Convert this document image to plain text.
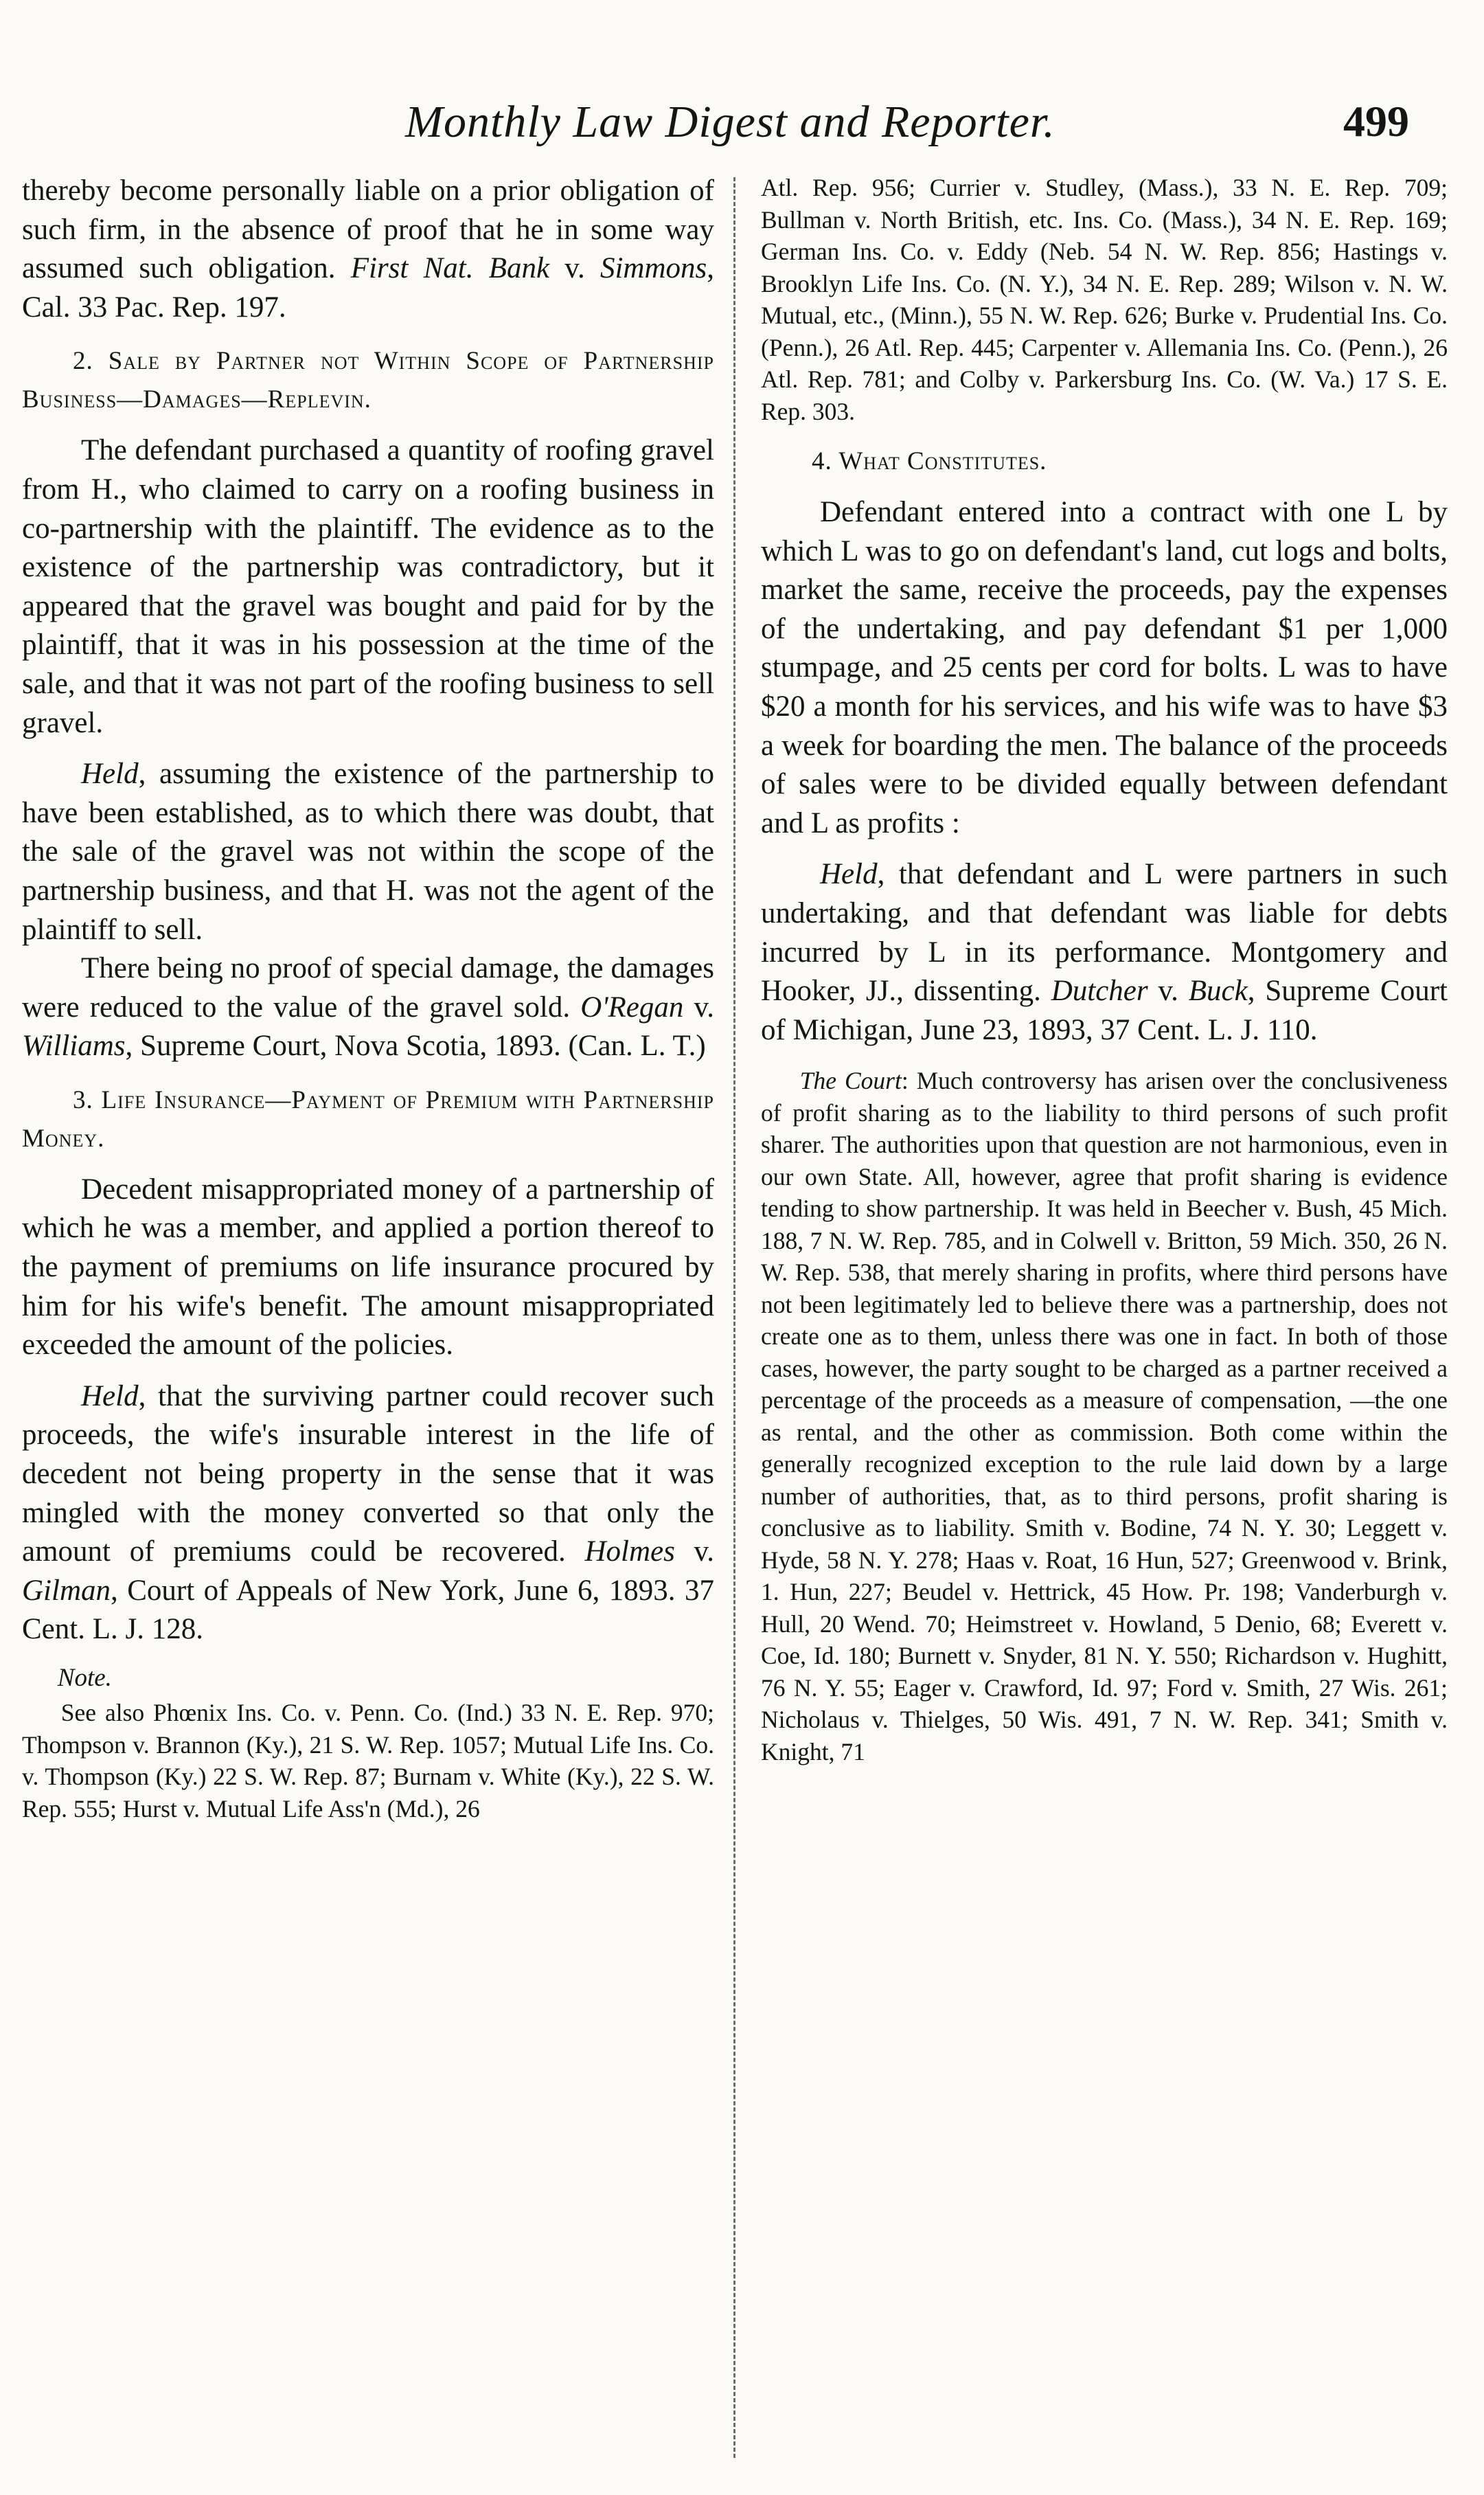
Monthly Law Digest and Reporter.	499

thereby become personally liable on a prior obligation of such firm, in the absence of proof that he in some way assumed such obligation. First Nat. Bank v. Simmons, Cal. 33 Pac. Rep. 197.

2. Sale by Partner not Within Scope of Partnership Business—Damages—Replevin.

The defendant purchased a quantity of roofing gravel from H., who claimed to carry on a roofing business in co-partnership with the plaintiff. The evidence as to the existence of the partnership was contradictory, but it appeared that the gravel was bought and paid for by the plaintiff, that it was in his possession at the time of the sale, and that it was not part of the roofing business to sell gravel.

Held, assuming the existence of the partnership to have been established, as to which there was doubt, that the sale of the gravel was not within the scope of the partnership business, and that H. was not the agent of the plaintiff to sell.

There being no proof of special damage, the damages were reduced to the value of the gravel sold. O'Regan v. Williams, Supreme Court, Nova Scotia, 1893. (Can. L. T.)

3. Life Insurance—Payment of Premium with Partnership Money.

Decedent misappropriated money of a partnership of which he was a member, and applied a portion thereof to the payment of premiums on life insurance procured by him for his wife's benefit. The amount misappropriated exceeded the amount of the policies.

Held, that the surviving partner could recover such proceeds, the wife's insurable interest in the life of decedent not being property in the sense that it was mingled with the money converted so that only the amount of premiums could be recovered. Holmes v. Gilman, Court of Appeals of New York, June 6, 1893. 37 Cent. L. J. 128.

Note.

See also Phœnix Ins. Co. v. Penn. Co. (Ind.) 33 N. E. Rep. 970; Thompson v. Brannon (Ky.), 21 S. W. Rep. 1057; Mutual Life Ins. Co. v. Thompson (Ky.) 22 S. W. Rep. 87; Burnam v. White (Ky.), 22 S. W. Rep. 555; Hurst v. Mutual Life Ass'n (Md.), 26

Atl. Rep. 956; Currier v. Studley, (Mass.), 33 N. E. Rep. 709; Bullman v. North British, etc. Ins. Co. (Mass.), 34 N. E. Rep. 169; German Ins. Co. v. Eddy (Neb. 54 N. W. Rep. 856; Hastings v. Brooklyn Life Ins. Co. (N. Y.), 34 N. E. Rep. 289; Wilson v. N. W. Mutual, etc., (Minn.), 55 N. W. Rep. 626; Burke v. Prudential Ins. Co. (Penn.), 26 Atl. Rep. 445; Carpenter v. Allemania Ins. Co. (Penn.), 26 Atl. Rep. 781; and Colby v. Parkersburg Ins. Co. (W. Va.) 17 S. E. Rep. 303.

4. What Constitutes.

Defendant entered into a contract with one L by which L was to go on defendant's land, cut logs and bolts, market the same, receive the proceeds, pay the expenses of the undertaking, and pay defendant $1 per 1,000 stumpage, and 25 cents per cord for bolts. L was to have $20 a month for his services, and his wife was to have $3 a week for boarding the men. The balance of the proceeds of sales were to be divided equally between defendant and L as profits :

Held, that defendant and L were partners in such undertaking, and that defendant was liable for debts incurred by L in its performance. Montgomery and Hooker, JJ., dissenting. Dutcher v. Buck, Supreme Court of Michigan, June 23, 1893, 37 Cent. L. J. 110.

The Court: Much controversy has arisen over the conclusiveness of profit sharing as to the liability to third persons of such profit sharer. The authorities upon that question are not harmonious, even in our own State. All, however, agree that profit sharing is evidence tending to show partnership. It was held in Beecher v. Bush, 45 Mich. 188, 7 N. W. Rep. 785, and in Colwell v. Britton, 59 Mich. 350, 26 N. W. Rep. 538, that merely sharing in profits, where third persons have not been legitimately led to believe there was a partnership, does not create one as to them, unless there was one in fact. In both of those cases, however, the party sought to be charged as a partner received a percentage of the proceeds as a measure of compensation, —the one as rental, and the other as commission. Both come within the generally recognized exception to the rule laid down by a large number of authorities, that, as to third persons, profit sharing is conclusive as to liability. Smith v. Bodine, 74 N. Y. 30; Leggett v. Hyde, 58 N. Y. 278; Haas v. Roat, 16 Hun, 527; Greenwood v. Brink, 1. Hun, 227; Beudel v. Hettrick, 45 How. Pr. 198; Vanderburgh v. Hull, 20 Wend. 70; Heimstreet v. Howland, 5 Denio, 68; Everett v. Coe, Id. 180; Burnett v. Snyder, 81 N. Y. 550; Richardson v. Hughitt, 76 N. Y. 55; Eager v. Crawford, Id. 97; Ford v. Smith, 27 Wis. 261; Nicholaus v. Thielges, 50 Wis. 491, 7 N. W. Rep. 341; Smith v. Knight, 71
